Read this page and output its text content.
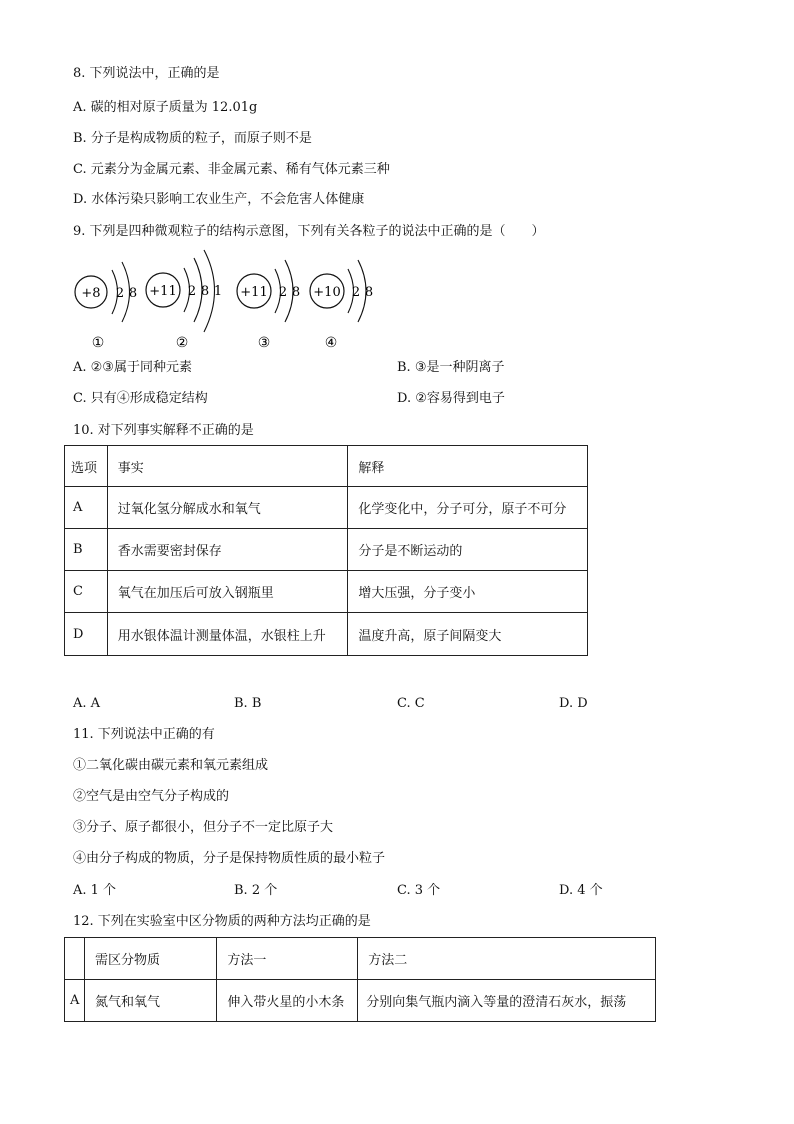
8. 下列说法中，正确的是
A. 碳的相对原子质量为 12.01g
B. 分子是构成物质的粒子，而原子则不是
C. 元素分为金属元素、非金属元素、稀有气体元素三种
D. 水体污染只影响工农业生产，不会危害人体健康
9. 下列是四种微观粒子的结构示意图，下列有关各粒子的说法中正确的是（　　）
+8 2 8
①
+11 2 8 1
②
+11 2 8
③
+10 2 8
④
A. ②③属于同种元素	B. ③是一种阴离子
C. 只有④形成稳定结构	D. ②容易得到电子
10. 对下列事实解释不正确的是
选项	事实	解释
A	过氧化氢分解成水和氧气	化学变化中，分子可分，原子不可分
B	香水需要密封保存	分子是不断运动的
C	氧气在加压后可放入钢瓶里	增大压强，分子变小
D	用水银体温计测量体温，水银柱上升	温度升高，原子间隔变大
A. A	B. B	C. C	D. D
11. 下列说法中正确的有
①二氧化碳由碳元素和氧元素组成
②空气是由空气分子构成的
③分子、原子都很小，但分子不一定比原子大
④由分子构成的物质，分子是保持物质性质的最小粒子
A. 1 个	B. 2 个	C. 3 个	D. 4 个
12. 下列在实验室中区分物质的两种方法均正确的是
	需区分物质	方法一	方法二
A	氮气和氧气	伸入带火星的小木条	分别向集气瓶内滴入等量的澄清石灰水，振荡
